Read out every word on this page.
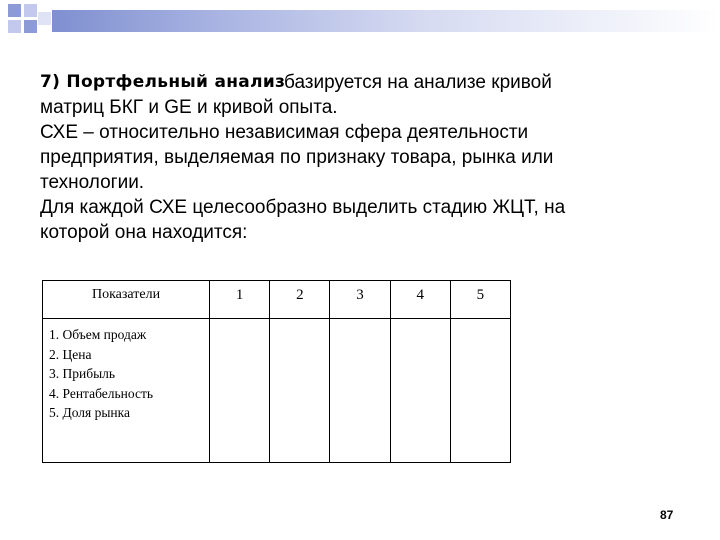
7) Портфельный анализ
базируется на анализе кривой

матриц БКГ и GE и кривой опыта.

СХЕ – относительно независимая сфера деятельности

предприятия, выделяемая по признаку товара, рынка или

технологии.

Для каждой СХЕ целесообразно выделить стадию ЖЦТ, на

которой она находится:

Показатели	1	2	3	4	5

1. Объем продаж
2. Цена
3. Прибыль
4. Рентабельность
5. Доля рынка					

87
